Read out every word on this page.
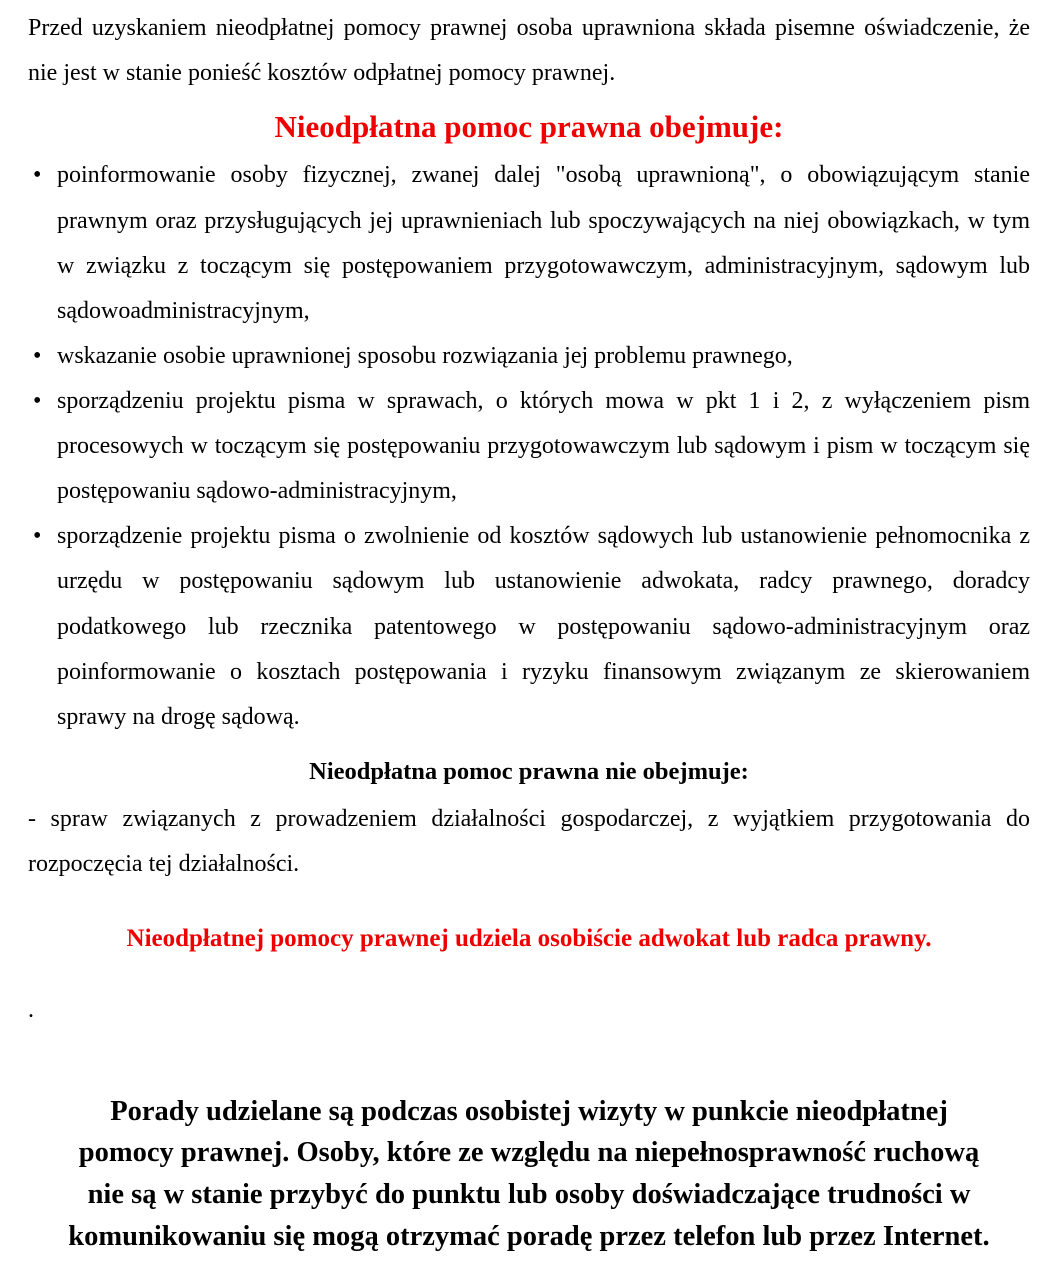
Przed uzyskaniem nieodpłatnej pomocy prawnej osoba uprawniona składa pisemne oświadczenie, że nie jest w stanie ponieść kosztów odpłatnej pomocy prawnej.

Nieodpłatna pomoc prawna obejmuje:
• poinformowanie osoby fizycznej, zwanej dalej "osobą uprawnioną", o obowiązującym stanie prawnym oraz przysługujących jej uprawnieniach lub spoczywających na niej obowiązkach, w tym w związku z toczącym się postępowaniem przygotowawczym, administracyjnym, sądowym lub sądowoadministracyjnym,
• wskazanie osobie uprawnionej sposobu rozwiązania jej problemu prawnego,
• sporządzeniu projektu pisma w sprawach, o których mowa w pkt 1 i 2, z wyłączeniem pism procesowych w toczącym się postępowaniu przygotowawczym lub sądowym i pism w toczącym się postępowaniu sądowo-administracyjnym,
• sporządzenie projektu pisma o zwolnienie od kosztów sądowych lub ustanowienie pełnomocnika z urzędu w postępowaniu sądowym lub ustanowienie adwokata, radcy prawnego, doradcy podatkowego lub rzecznika patentowego w postępowaniu sądowo-administracyjnym oraz poinformowanie o kosztach postępowania i ryzyku finansowym związanym ze skierowaniem sprawy na drogę sądową.
Nieodpłatna pomoc prawna nie obejmuje:

- spraw związanych z prowadzeniem działalności gospodarczej, z wyjątkiem przygotowania do rozpoczęcia tej działalności.

Nieodpłatnej pomocy prawnej udziela osobiście adwokat lub radca prawny.

.

Porady udzielane są podczas osobistej wizyty w punkcie nieodpłatnej pomocy prawnej. Osoby, które ze względu na niepełnosprawność ruchową nie są w stanie przybyć do punktu lub osoby doświadczające trudności w komunikowaniu się mogą otrzymać poradę przez telefon lub przez Internet.
